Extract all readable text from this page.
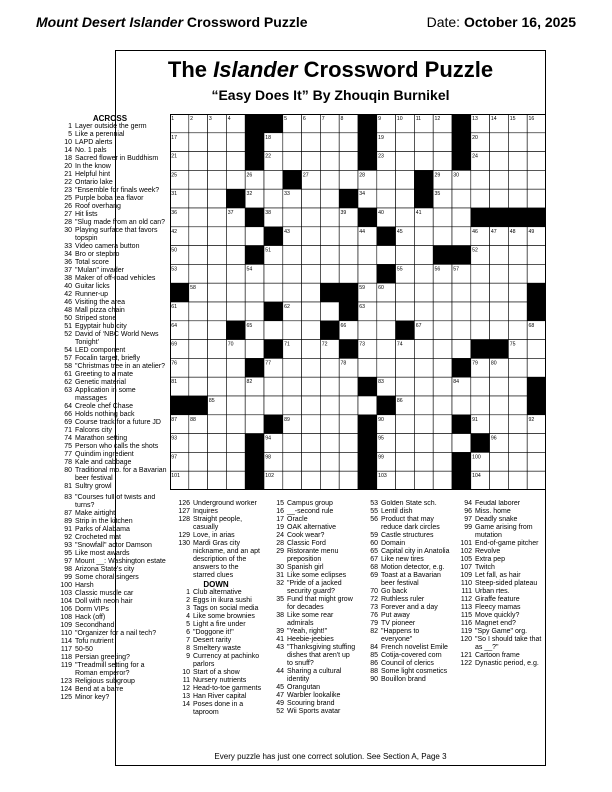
Mount Desert Islander Crossword Puzzle	Date: October 16, 2025
The Islander Crossword Puzzle
“Easy Does It” By Zhouqin Burnikel
ACROSS
1 Layer outside the germ
5 Like a perennial
10 LAPD alerts
14 No. 1 pals
18 Sacred flower in Buddhism
20 In the know
21 Helpful hint
22 Ontario lake
23 "Ensemble for finals week?
25 Purple boba tea flavor
26 Roof overhang
27 Hit lists
28 "Slug made from an old can?
30 Playing surface that favors topspin
33 Video camera button
34 Bro or stepbro
36 Total score
37 "Mulan" invader
38 Maker of off-road vehicles
40 Guitar licks
42 Runner-up
46 Visiting the area
48 Mall pizza chain
50 Striped stone
51 Egyptair hub city
52 David of ‘NBC World News Tonight’
54 LED component
57 Focalin target, briefly
58 "Christmas tree in an atelier?
61 Greeting to a mate
62 Genetic material
63 Application in some massages
64 Creole chef Chase
66 Holds nothing back
69 Course track for a future JD
71 Falcons city
74 Marathon setting
75 Person who calls the shots
77 Quindim ingredient
78 Kale and cabbage
80 Traditional mo. for a Bavarian beer festival
81 Sultry growl
1	2	3	4	5	6	7	8	9	10	11	12	13	14	15	16
17	18	19	20
21	22	23	24
25	26	27	28	29	30
31	32	33	34	35
36	37	38	39	40	41
42	43	44	45	46	47	48	49
50	51	52
53	54	55	56	57
58	59	60
61	62	63
64	65	66	67	68
69	70	71	72	73	74	75
76	77	78	79	80
81	82	83	84
85	86
87	88	89	90	91	92
93	94	95	96
97	98	99	100
101	102	103	104
83 "Courses full of twists and turns?
87 Make airtight
89 Strip in the kitchen
91 Parks of Alabama
92 Crocheted mat
93 "Snowfall" actor Damson
95 Like most awards
97 Mount __: Washington estate
98 Arizona State's city
99 Some choral singers
100 Harsh
103 Classic muscle car
104 Doll with neon hair
106 Dorm VIPs
108 Hack (off)
109 Secondhand
110 "Organizer for a nail tech?
114 Tofu nutrient
117 50-50
118 Persian greeting?
119 "Treadmill setting for a Roman emperor?
123 Religious subgroup
124 Bend at a barre
125 Minor key?
126 Underground worker
127 Inquires
128 Straight people, casually
129 Love, in arias
130 Mardi Gras city nickname, and an apt description of the answers to the starred clues
DOWN
1 Club alternative
2 Eggs in ikura sushi
3 Tags on social media
4 Like some brownies
5 Light a fire under
6 "Doggone it!"
7 Desert rarity
8 Smeltery waste
9 Currency at pachinko parlors
10 Start of a show
11 Nursery nutrients
12 Head-to-toe garments
13 Han River capital
14 Poses done in a taproom
15 Campus group
16 __-second rule
17 Oracle
19 OAK alternative
24 Cook wear?
28 Classic Ford
29 Ristorante menu preposition
30 Spanish girl
31 Like some eclipses
32 "Pride of a jacked security guard?
35 Fund that might grow for decades
38 Like some rear admirals
39 "Yeah, right!"
41 Heebie-jeebies
43 "Thanksgiving stuffing dishes that aren't up to snuff?
44 Sharing a cultural identity
45 Orangutan
47 Warbler lookalike
49 Scouring brand
52 Wii Sports avatar
53 Golden State sch.
55 Lentil dish
56 Product that may reduce dark circles
59 Castle structures
60 Domain
65 Capital city in Anatolia
67 Like new tires
68 Motion detector, e.g.
69 Toast at a Bavarian beer festival
70 Go back
72 Ruthless ruler
73 Forever and a day
76 Put away
79 TV pioneer
82 "Happens to everyone"
84 French novelist Emile
85 Cotija-covered corn
86 Council of clerics
88 Some light cosmetics
90 Bouillon brand
94 Feudal laborer
96 Miss. home
97 Deadly snake
99 Game arising from mutation
101 End-of-game pitcher
102 Revolve
105 Extra pep
107 Twitch
109 Let fall, as hair
110 Steep-sided plateau
111 Urban rtes.
112 Giraffe feature
113 Fleecy mamas
115 Move quickly?
116 Magnet end?
119 "Spy Game" org.
120 "So I should take that as __?"
121 Cartoon frame
122 Dynastic period, e.g.
Every puzzle has just one correct solution. See Section A, Page 3
